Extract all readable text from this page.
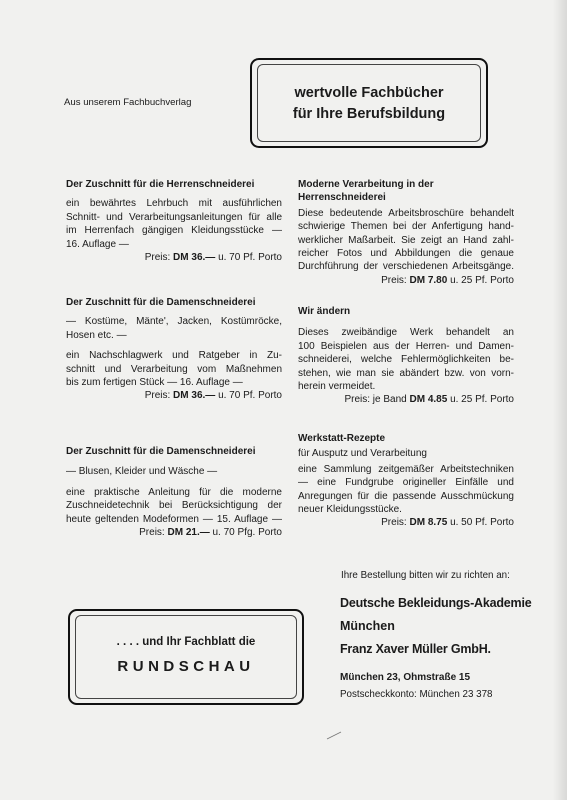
Aus unserem Fachbuchverlag
wertvolle Fachbücher
für Ihre Berufsbildung
Der Zuschnitt für die Herrenschneiderei
ein bewährtes Lehrbuch mit ausführlichen
Schnitt- und Verarbeitungsanleitungen für alle
im Herrenfach gängigen Kleidungsstücke —
16. Auflage —
Preis: DM 36.— u. 70 Pf. Porto
Der Zuschnitt für die Damenschneiderei
— Kostüme, Mänte', Jacken, Kostümröcke,
Hosen etc. —
ein Nachschlagwerk und Ratgeber in Zu-
schnitt und Verarbeitung vom Maßnehmen
bis zum fertigen Stück — 16. Auflage —
Preis: DM 36.— u. 70 Pf. Porto
Der Zuschnitt für die Damenschneiderei
— Blusen, Kleider und Wäsche —
eine praktische Anleitung für die moderne
Zuschneidetechnik bei Berücksichtigung der
heute geltenden Modeformen — 15. Auflage —
Preis: DM 21.— u. 70 Pfg. Porto
Moderne Verarbeitung in der
Herrenschneiderei
Diese bedeutende Arbeitsbroschüre behandelt
schwierige Themen bei der Anfertigung hand-
werklicher Maßarbeit. Sie zeigt an Hand zahl-
reicher Fotos und Abbildungen die genaue
Durchführung der verschiedenen Arbeitsgänge.
Preis: DM 7.80 u. 25 Pf. Porto
Wir ändern
Dieses zweibändige Werk behandelt an
100 Beispielen aus der Herren- und Damen-
schneiderei, welche Fehlermöglichkeiten be-
stehen, wie man sie abändert bzw. von vorn-
herein vermeidet.
Preis: je Band DM 4.85 u. 25 Pf. Porto
Werkstatt-Rezepte
für Ausputz und Verarbeitung
eine Sammlung zeitgemäßer Arbeitstechniken
— eine Fundgrube origineller Einfälle und
Anregungen für die passende Ausschmückung
neuer Kleidungsstücke.
Preis: DM 8.75 u. 50 Pf. Porto
Ihre Bestellung bitten wir zu richten an:
Deutsche Bekleidungs-Akademie
München
Franz Xaver Müller GmbH.
München 23, Ohmstraße 15
Postscheckkonto: München 23 378
. . . . und Ihr Fachblatt die
RUNDSCHAU
